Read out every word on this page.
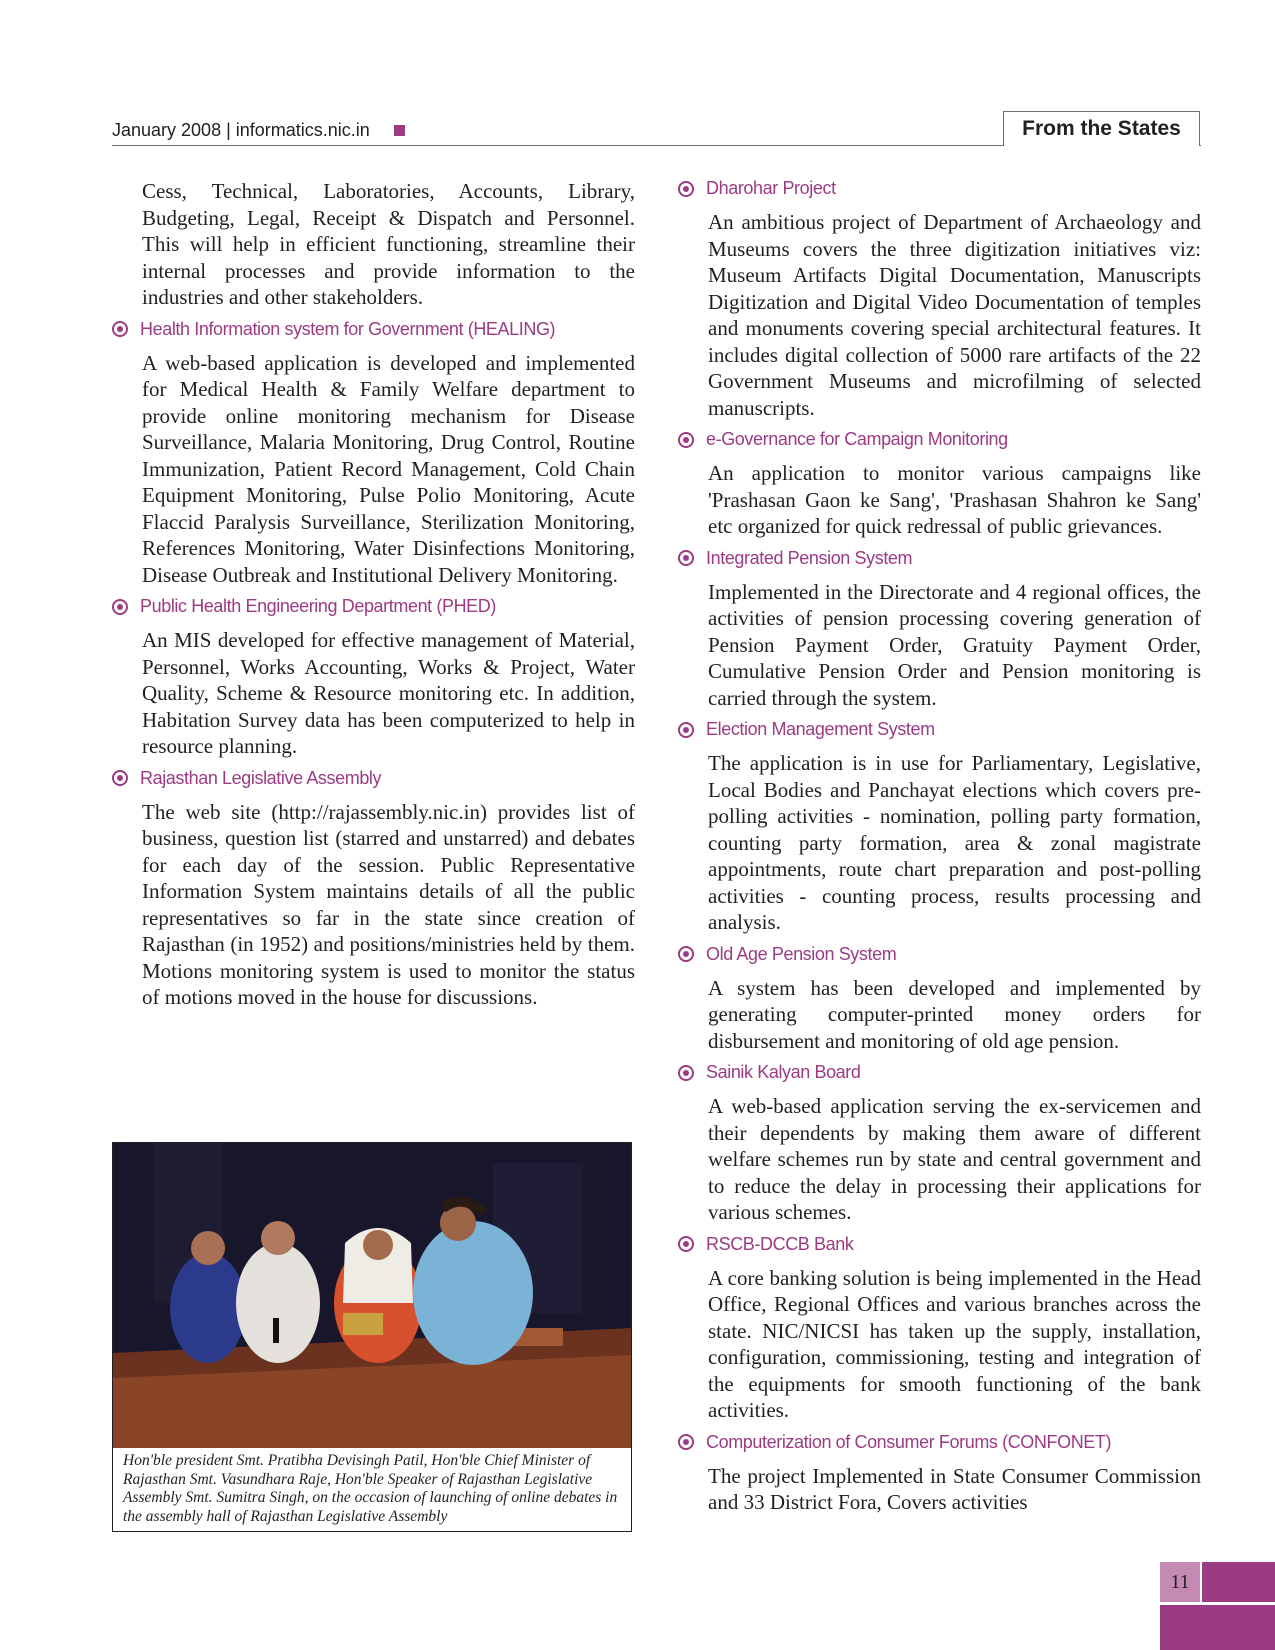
January 2008 | informatics.nic.in	From the States

Cess, Technical, Laboratories, Accounts, Library, Budgeting, Legal, Receipt & Dispatch and Personnel. This will help in efficient functioning, streamline their internal processes and provide information to the industries and other stakeholders.

Health Information system for Government (HEALING)

A web-based application is developed and implemented for Medical Health & Family Welfare department to provide online monitoring mechanism for Disease Surveillance, Malaria Monitoring, Drug Control, Routine Immunization, Patient Record Management, Cold Chain Equipment Monitoring, Pulse Polio Monitoring, Acute Flaccid Paralysis Surveillance, Sterilization Monitoring, References Monitoring, Water Disinfections Monitoring, Disease Outbreak and Institutional Delivery Monitoring.

Public Health Engineering Department (PHED)

An MIS developed for effective management of Material, Personnel, Works Accounting, Works & Project, Water Quality, Scheme & Resource monitoring etc. In addition, Habitation Survey data has been computerized to help in resource planning.

Rajasthan Legislative Assembly

The web site (http://rajassembly.nic.in) provides list of business, question list (starred and unstarred) and debates for each day of the session. Public Representative Information System maintains details of all the public representatives so far in the state since creation of Rajasthan (in 1952) and positions/ministries held by them. Motions monitoring system is used to monitor the status of motions moved in the house for discussions.

Hon'ble president Smt. Pratibha Devisingh Patil, Hon'ble Chief Minister of Rajasthan Smt. Vasundhara Raje, Hon'ble Speaker of Rajasthan Legislative Assembly Smt. Sumitra Singh, on the occasion of launching of online debates in the assembly hall of Rajasthan Legislative Assembly
Dharohar Project

An ambitious project of Department of Archaeology and Museums covers the three digitization initiatives viz: Museum Artifacts Digital Documentation, Manuscripts Digitization and Digital Video Documentation of temples and monuments covering special architectural features. It includes digital collection of 5000 rare artifacts of the 22 Government Museums and microfilming of selected manuscripts.

e-Governance for Campaign Monitoring

An application to monitor various campaigns like 'Prashasan Gaon ke Sang', 'Prashasan Shahron ke Sang' etc organized for quick redressal of public grievances.

Integrated Pension System

Implemented in the Directorate and 4 regional offices, the activities of pension processing covering generation of Pension Payment Order, Gratuity Payment Order, Cumulative Pension Order and Pension monitoring is carried through the system.

Election Management System

The application is in use for Parliamentary, Legislative, Local Bodies and Panchayat elections which covers pre-polling activities - nomination, polling party formation, counting party formation, area & zonal magistrate appointments, route chart preparation and post-polling activities - counting process, results processing and analysis.

Old Age Pension System

A system has been developed and implemented by generating computer-printed money orders for disbursement and monitoring of old age pension.

Sainik Kalyan Board

A web-based application serving the ex-servicemen and their dependents by making them aware of different welfare schemes run by state and central government and to reduce the delay in processing their applications for various schemes.

RSCB-DCCB Bank

A core banking solution is being implemented in the Head Office, Regional Offices and various branches across the state. NIC/NICSI has taken up the supply, installation, configuration, commissioning, testing and integration of the equipments for smooth functioning of the bank activities.

Computerization of Consumer Forums (CONFONET)

The project Implemented in State Consumer Commission and 33 District Fora, Covers activities

11
